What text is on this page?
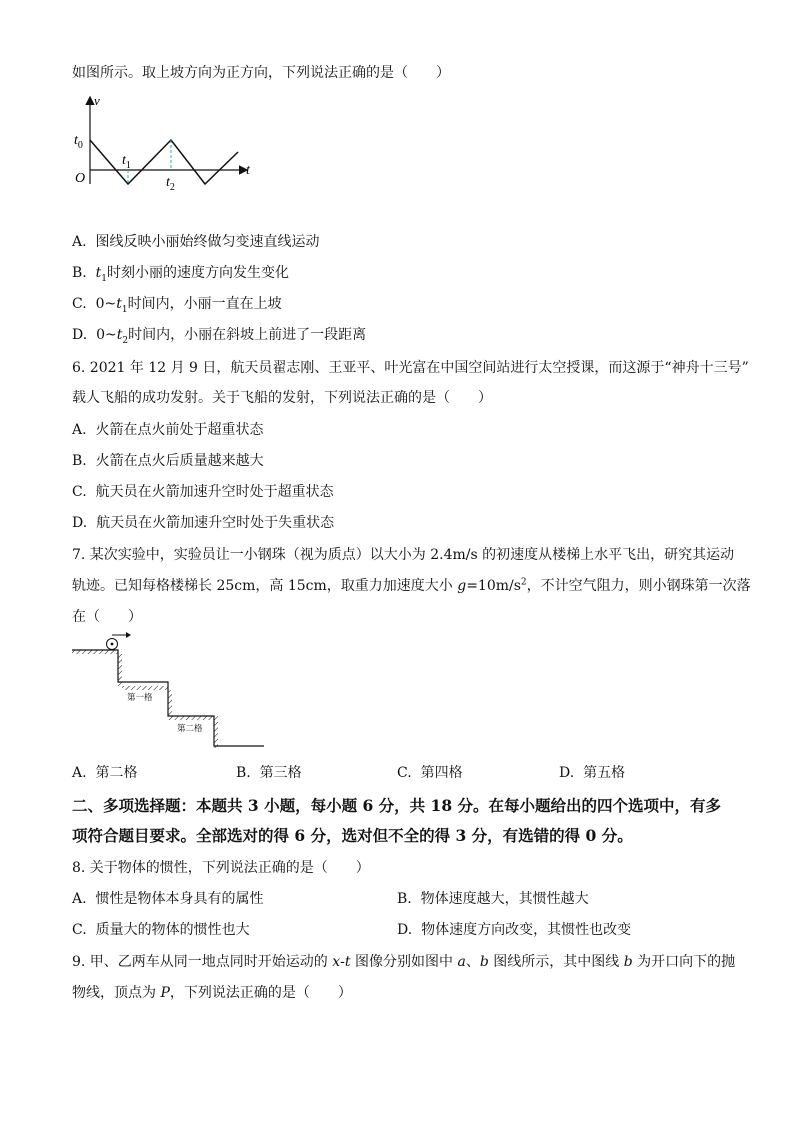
如图所示。取上坡方向为正方向，下列说法正确的是（　　）
v
t
O
$t_0$
$t_1$
$t_2$
A. 图线反映小丽始终做匀变速直线运动
B. $t_1$时刻小丽的速度方向发生变化
C. $0\sim t_1$时间内，小丽一直在上坡
D. $0\sim t_2$时间内，小丽在斜坡上前进了一段距离
6. 2021 年 12 月 9 日，航天员翟志刚、王亚平、叶光富在中国空间站进行太空授课，而这源于“神舟十三号”
载人飞船的成功发射。关于飞船的发射，下列说法正确的是（　　）
A. 火箭在点火前处于超重状态
B. 火箭在点火后质量越来越大
C. 航天员在火箭加速升空时处于超重状态
D. 航天员在火箭加速升空时处于失重状态
7. 某次实验中，实验员让一小钢珠（视为质点）以大小为 2.4m/s 的初速度从楼梯上水平飞出，研究其运动
轨迹。已知每格楼梯长 25cm，高 15cm，取重力加速度大小 $g=10m/s^2$，不计空气阻力，则小钢珠第一次落
在（　　）
第一格
第二格
A. 第二格	B. 第三格	C. 第四格	D. 第五格
二、多项选择题：本题共 3 小题，每小题 6 分，共 18 分。在每小题给出的四个选项中，有多
项符合题目要求。全部选对的得 6 分，选对但不全的得 3 分，有选错的得 0 分。
8. 关于物体的惯性，下列说法正确的是（　　）
A. 惯性是物体本身具有的属性	B. 物体速度越大，其惯性越大
C. 质量大的物体的惯性也大	D. 物体速度方向改变，其惯性也改变
9. 甲、乙两车从同一地点同时开始运动的 x-t 图像分别如图中 a、b 图线所示，其中图线 b 为开口向下的抛
物线，顶点为 P，下列说法正确的是（　　）
